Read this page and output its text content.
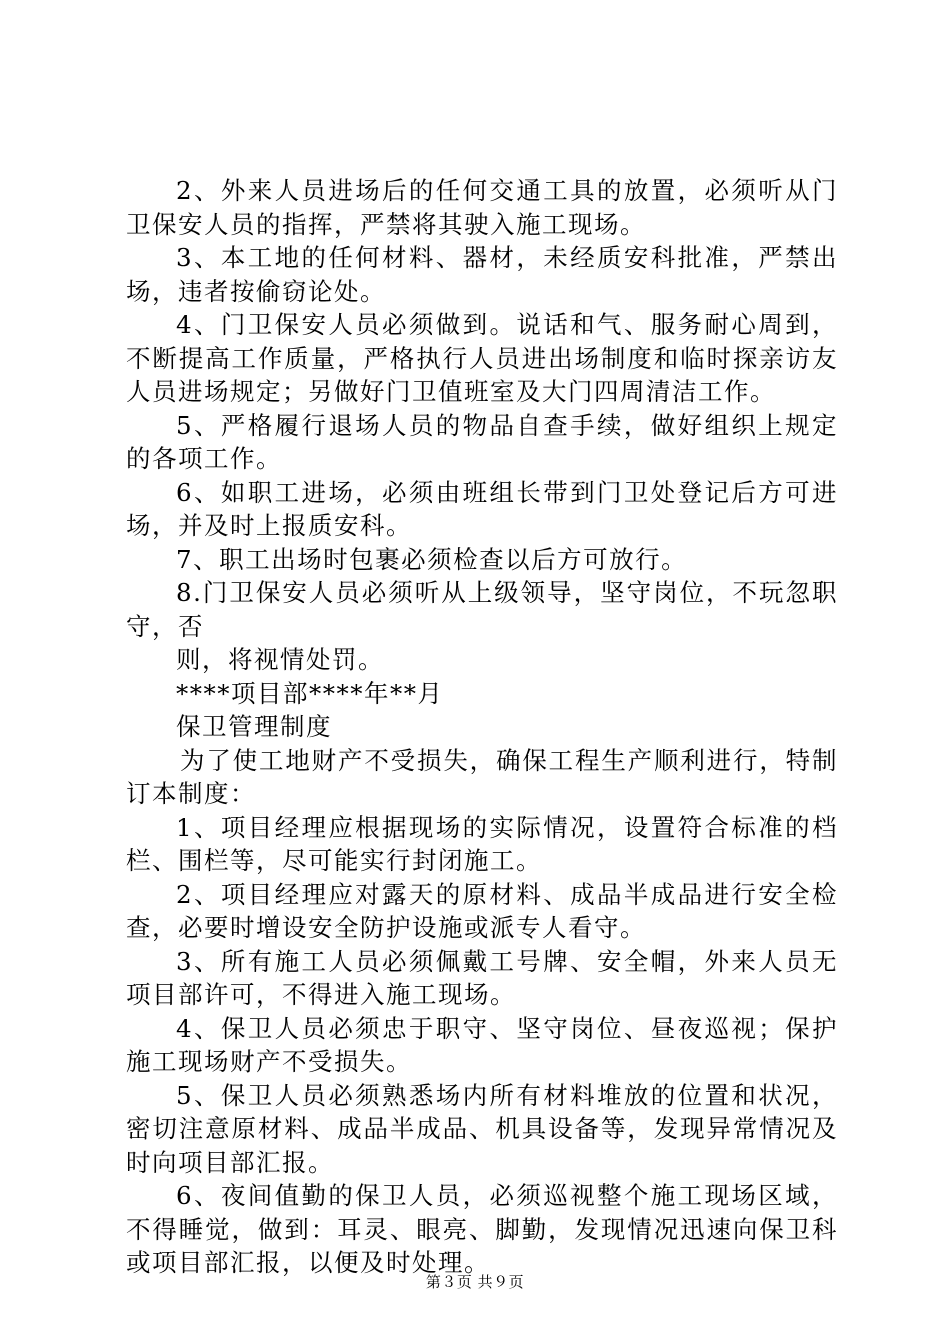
2、外来人员进场后的任何交通工具的放置，必须听从门卫保安人员的指挥，严禁将其驶入施工现场。

3、本工地的任何材料、器材，未经质安科批准，严禁出场，违者按偷窃论处。

4、门卫保安人员必须做到。说话和气、服务耐心周到，不断提高工作质量，严格执行人员进出场制度和临时探亲访友人员进场规定；另做好门卫值班室及大门四周清洁工作。

5、严格履行退场人员的物品自查手续，做好组织上规定的各项工作。

6、如职工进场，必须由班组长带到门卫处登记后方可进场，并及时上报质安科。

7、职工出场时包裹必须检查以后方可放行。

8.门卫保安人员必须听从上级领导，坚守岗位，不玩忽职守，否

则，将视情处罚。

****项目部****年**月

保卫管理制度

为了使工地财产不受损失，确保工程生产顺利进行，特制订本制度：

1、项目经理应根据现场的实际情况，设置符合标准的档栏、围栏等，尽可能实行封闭施工。

2、项目经理应对露天的原材料、成品半成品进行安全检查，必要时增设安全防护设施或派专人看守。

3、所有施工人员必须佩戴工号牌、安全帽，外来人员无项目部许可，不得进入施工现场。

4、保卫人员必须忠于职守、坚守岗位、昼夜巡视；保护施工现场财产不受损失。

5、保卫人员必须熟悉场内所有材料堆放的位置和状况，密切注意原材料、成品半成品、机具设备等，发现异常情况及时向项目部汇报。

6、夜间值勤的保卫人员，必须巡视整个施工现场区域，不得睡觉，做到：耳灵、眼亮、脚勤，发现情况迅速向保卫科或项目部汇报，以便及时处理。

第３页 共９页
